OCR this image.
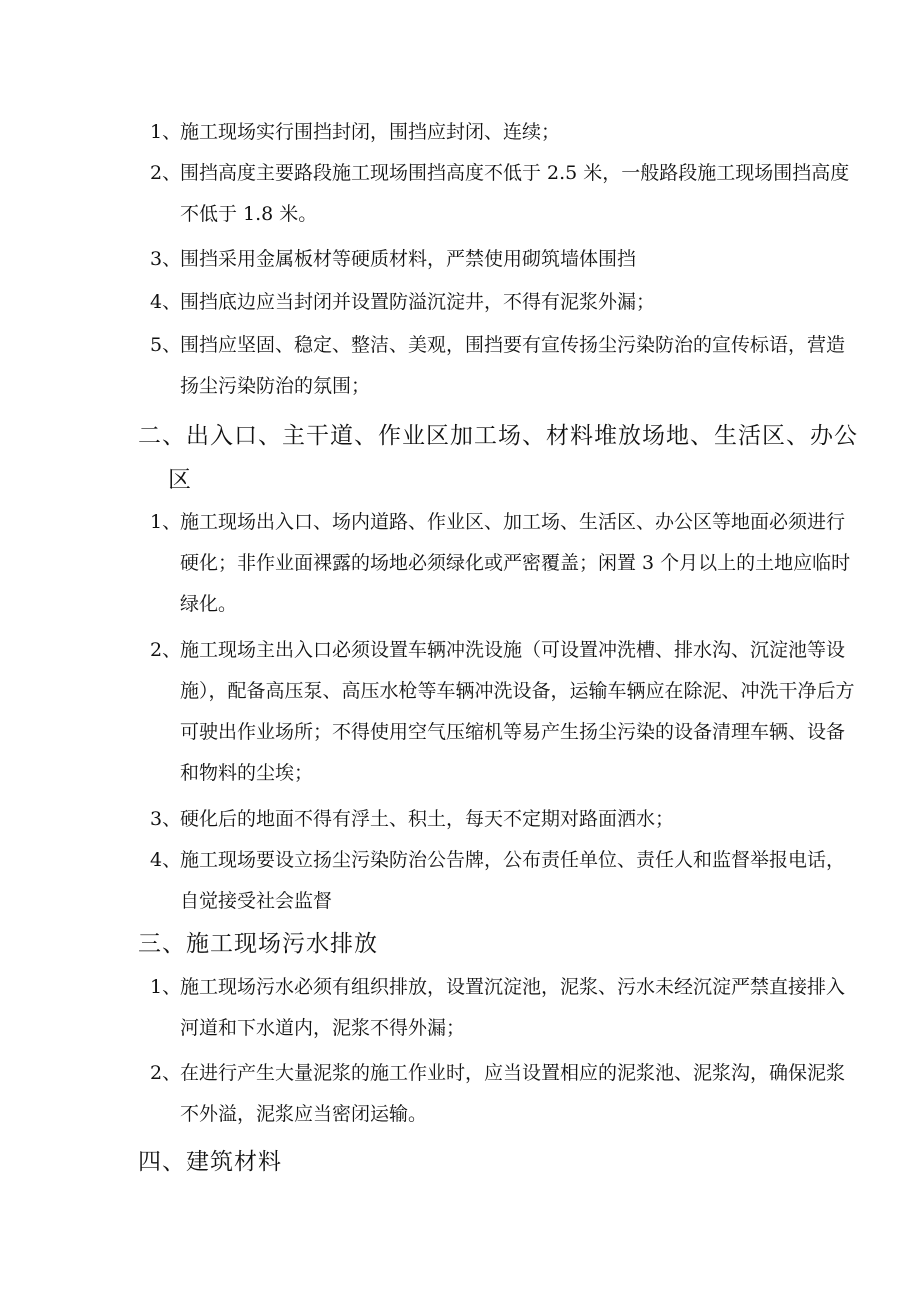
1、施工现场实行围挡封闭，围挡应封闭、连续；
2、围挡高度主要路段施工现场围挡高度不低于 2.5 米，一般路段施工现场围挡高度不低于 1.8 米。
3、围挡采用金属板材等硬质材料，严禁使用砌筑墙体围挡
4、围挡底边应当封闭并设置防溢沉淀井，不得有泥浆外漏；
5、围挡应坚固、稳定、整洁、美观，围挡要有宣传扬尘污染防治的宣传标语，营造扬尘污染防治的氛围；
二、出入口、主干道、作业区加工场、材料堆放场地、生活区、办公区
1、施工现场出入口、场内道路、作业区、加工场、生活区、办公区等地面必须进行硬化；非作业面裸露的场地必须绿化或严密覆盖；闲置 3 个月以上的土地应临时绿化。
2、施工现场主出入口必须设置车辆冲洗设施（可设置冲洗槽、排水沟、沉淀池等设施），配备高压泵、高压水枪等车辆冲洗设备，运输车辆应在除泥、冲洗干净后方可驶出作业场所；不得使用空气压缩机等易产生扬尘污染的设备清理车辆、设备和物料的尘埃；
3、硬化后的地面不得有浮土、积土，每天不定期对路面洒水；
4、施工现场要设立扬尘污染防治公告牌，公布责任单位、责任人和监督举报电话，自觉接受社会监督
三、施工现场污水排放
1、施工现场污水必须有组织排放，设置沉淀池，泥浆、污水未经沉淀严禁直接排入河道和下水道内，泥浆不得外漏；
2、在进行产生大量泥浆的施工作业时，应当设置相应的泥浆池、泥浆沟，确保泥浆不外溢，泥浆应当密闭运输。
四、建筑材料
